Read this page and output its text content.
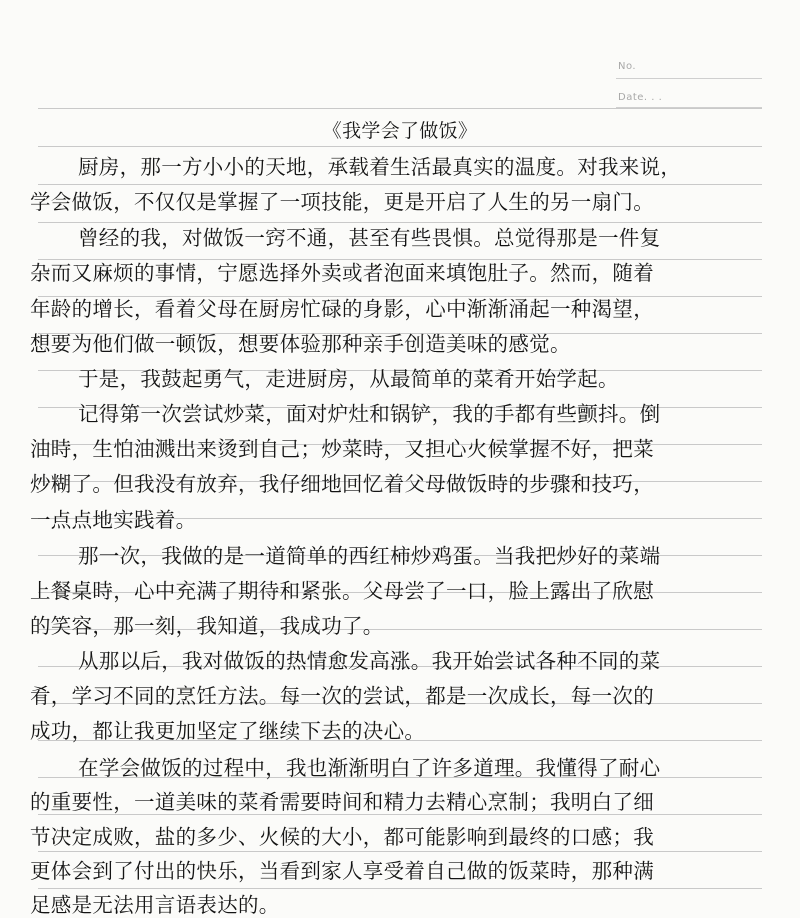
No.
Date. . .
《我学会了做饭》
厨房，那一方小小的天地，承载着生活最真实的温度。对我来说，
学会做饭，不仅仅是掌握了一项技能，更是开启了人生的另一扇门。
曾经的我，对做饭一窍不通，甚至有些畏惧。总觉得那是一件复
杂而又麻烦的事情，宁愿选择外卖或者泡面来填饱肚子。然而，随着
年龄的增长，看着父母在厨房忙碌的身影，心中渐渐涌起一种渴望，
想要为他们做一顿饭，想要体验那种亲手创造美味的感觉。
于是，我鼓起勇气，走进厨房，从最简单的菜肴开始学起。
记得第一次尝试炒菜，面对炉灶和锅铲，我的手都有些颤抖。倒
油時，生怕油溅出来烫到自己；炒菜時，又担心火候掌握不好，把菜
炒糊了。但我没有放弃，我仔细地回忆着父母做饭時的步骤和技巧，
一点点地实践着。
那一次，我做的是一道简单的西红柿炒鸡蛋。当我把炒好的菜端
上餐桌時，心中充满了期待和紧张。父母尝了一口，脸上露出了欣慰
的笑容，那一刻，我知道，我成功了。
从那以后，我对做饭的热情愈发高涨。我开始尝试各种不同的菜
肴，学习不同的烹饪方法。每一次的尝试，都是一次成长，每一次的
成功，都让我更加坚定了继续下去的决心。
在学会做饭的过程中，我也渐渐明白了许多道理。我懂得了耐心
的重要性，一道美味的菜肴需要時间和精力去精心烹制；我明白了细
节决定成败，盐的多少、火候的大小，都可能影响到最终的口感；我
更体会到了付出的快乐，当看到家人享受着自己做的饭菜時，那种满
足感是无法用言语表达的。
